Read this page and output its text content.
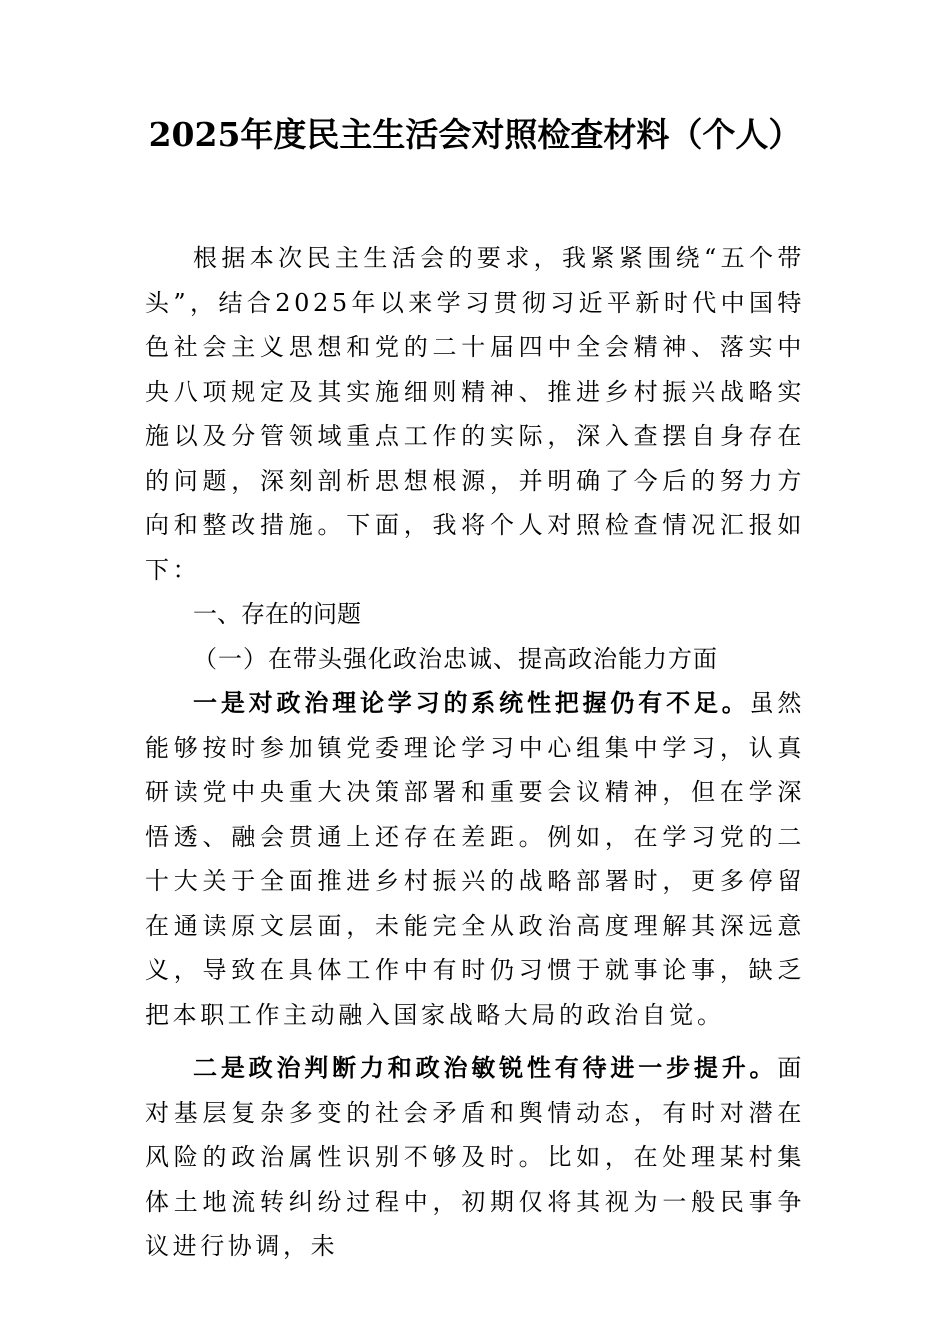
2025年度民主生活会对照检查材料（个人）

根据本次民主生活会的要求，我紧紧围绕“五个带头”，结合2025年以来学习贯彻习近平新时代中国特色社会主义思想和党的二十届四中全会精神、落实中央八项规定及其实施细则精神、推进乡村振兴战略实施以及分管领域重点工作的实际，深入查摆自身存在的问题，深刻剖析思想根源，并明确了今后的努力方向和整改措施。下面，我将个人对照检查情况汇报如下：

一、存在的问题

（一）在带头强化政治忠诚、提高政治能力方面

一是对政治理论学习的系统性把握仍有不足。虽然能够按时参加镇党委理论学习中心组集中学习，认真研读党中央重大决策部署和重要会议精神，但在学深悟透、融会贯通上还存在差距。例如，在学习党的二十大关于全面推进乡村振兴的战略部署时，更多停留在通读原文层面，未能完全从政治高度理解其深远意义，导致在具体工作中有时仍习惯于就事论事，缺乏把本职工作主动融入国家战略大局的政治自觉。

二是政治判断力和政治敏锐性有待进一步提升。面对基层复杂多变的社会矛盾和舆情动态，有时对潜在风险的政治属性识别不够及时。比如，在处理某村集体土地流转纠纷过程中，初期仅将其视为一般民事争议进行协调，未
